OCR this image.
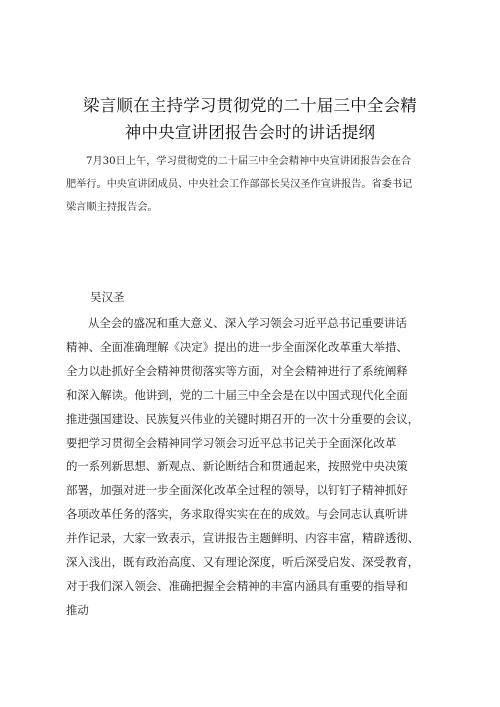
梁言顺在主持学习贯彻党的二十届三中全会精
神中央宣讲团报告会时的讲话提纲
7月30日上午，学习贯彻党的二十届三中全会精神中央宣讲团报告会在合
肥举行。中央宣讲团成员、中央社会工作部部长吴汉圣作宣讲报告。省委书记
梁言顺主持报告会。
吴汉圣
从全会的盛况和重大意义、深入学习领会习近平总书记重要讲话
精神、全面准确理解《决定》提出的进一步全面深化改革重大举措、
全力以赴抓好全会精神贯彻落实等方面，对全会精神进行了系统阐释
和深入解读。他讲到，党的二十届三中全会是在以中国式现代化全面
推进强国建设、民族复兴伟业的关键时期召开的一次十分重要的会议，
要把学习贯彻全会精神同学习领会习近平总书记关于全面深化改革
的一系列新思想、新观点、新论断结合和贯通起来，按照党中央决策
部署，加强对进一步全面深化改革全过程的领导，以钉钉子精神抓好
各项改革任务的落实，务求取得实实在在的成效。与会同志认真听讲
并作记录，大家一致表示，宣讲报告主题鲜明、内容丰富，精辟透彻、
深入浅出，既有政治高度、又有理论深度，听后深受启发、深受教育，
对于我们深入领会、准确把握全会精神的丰富内涵具有重要的指导和
推动
